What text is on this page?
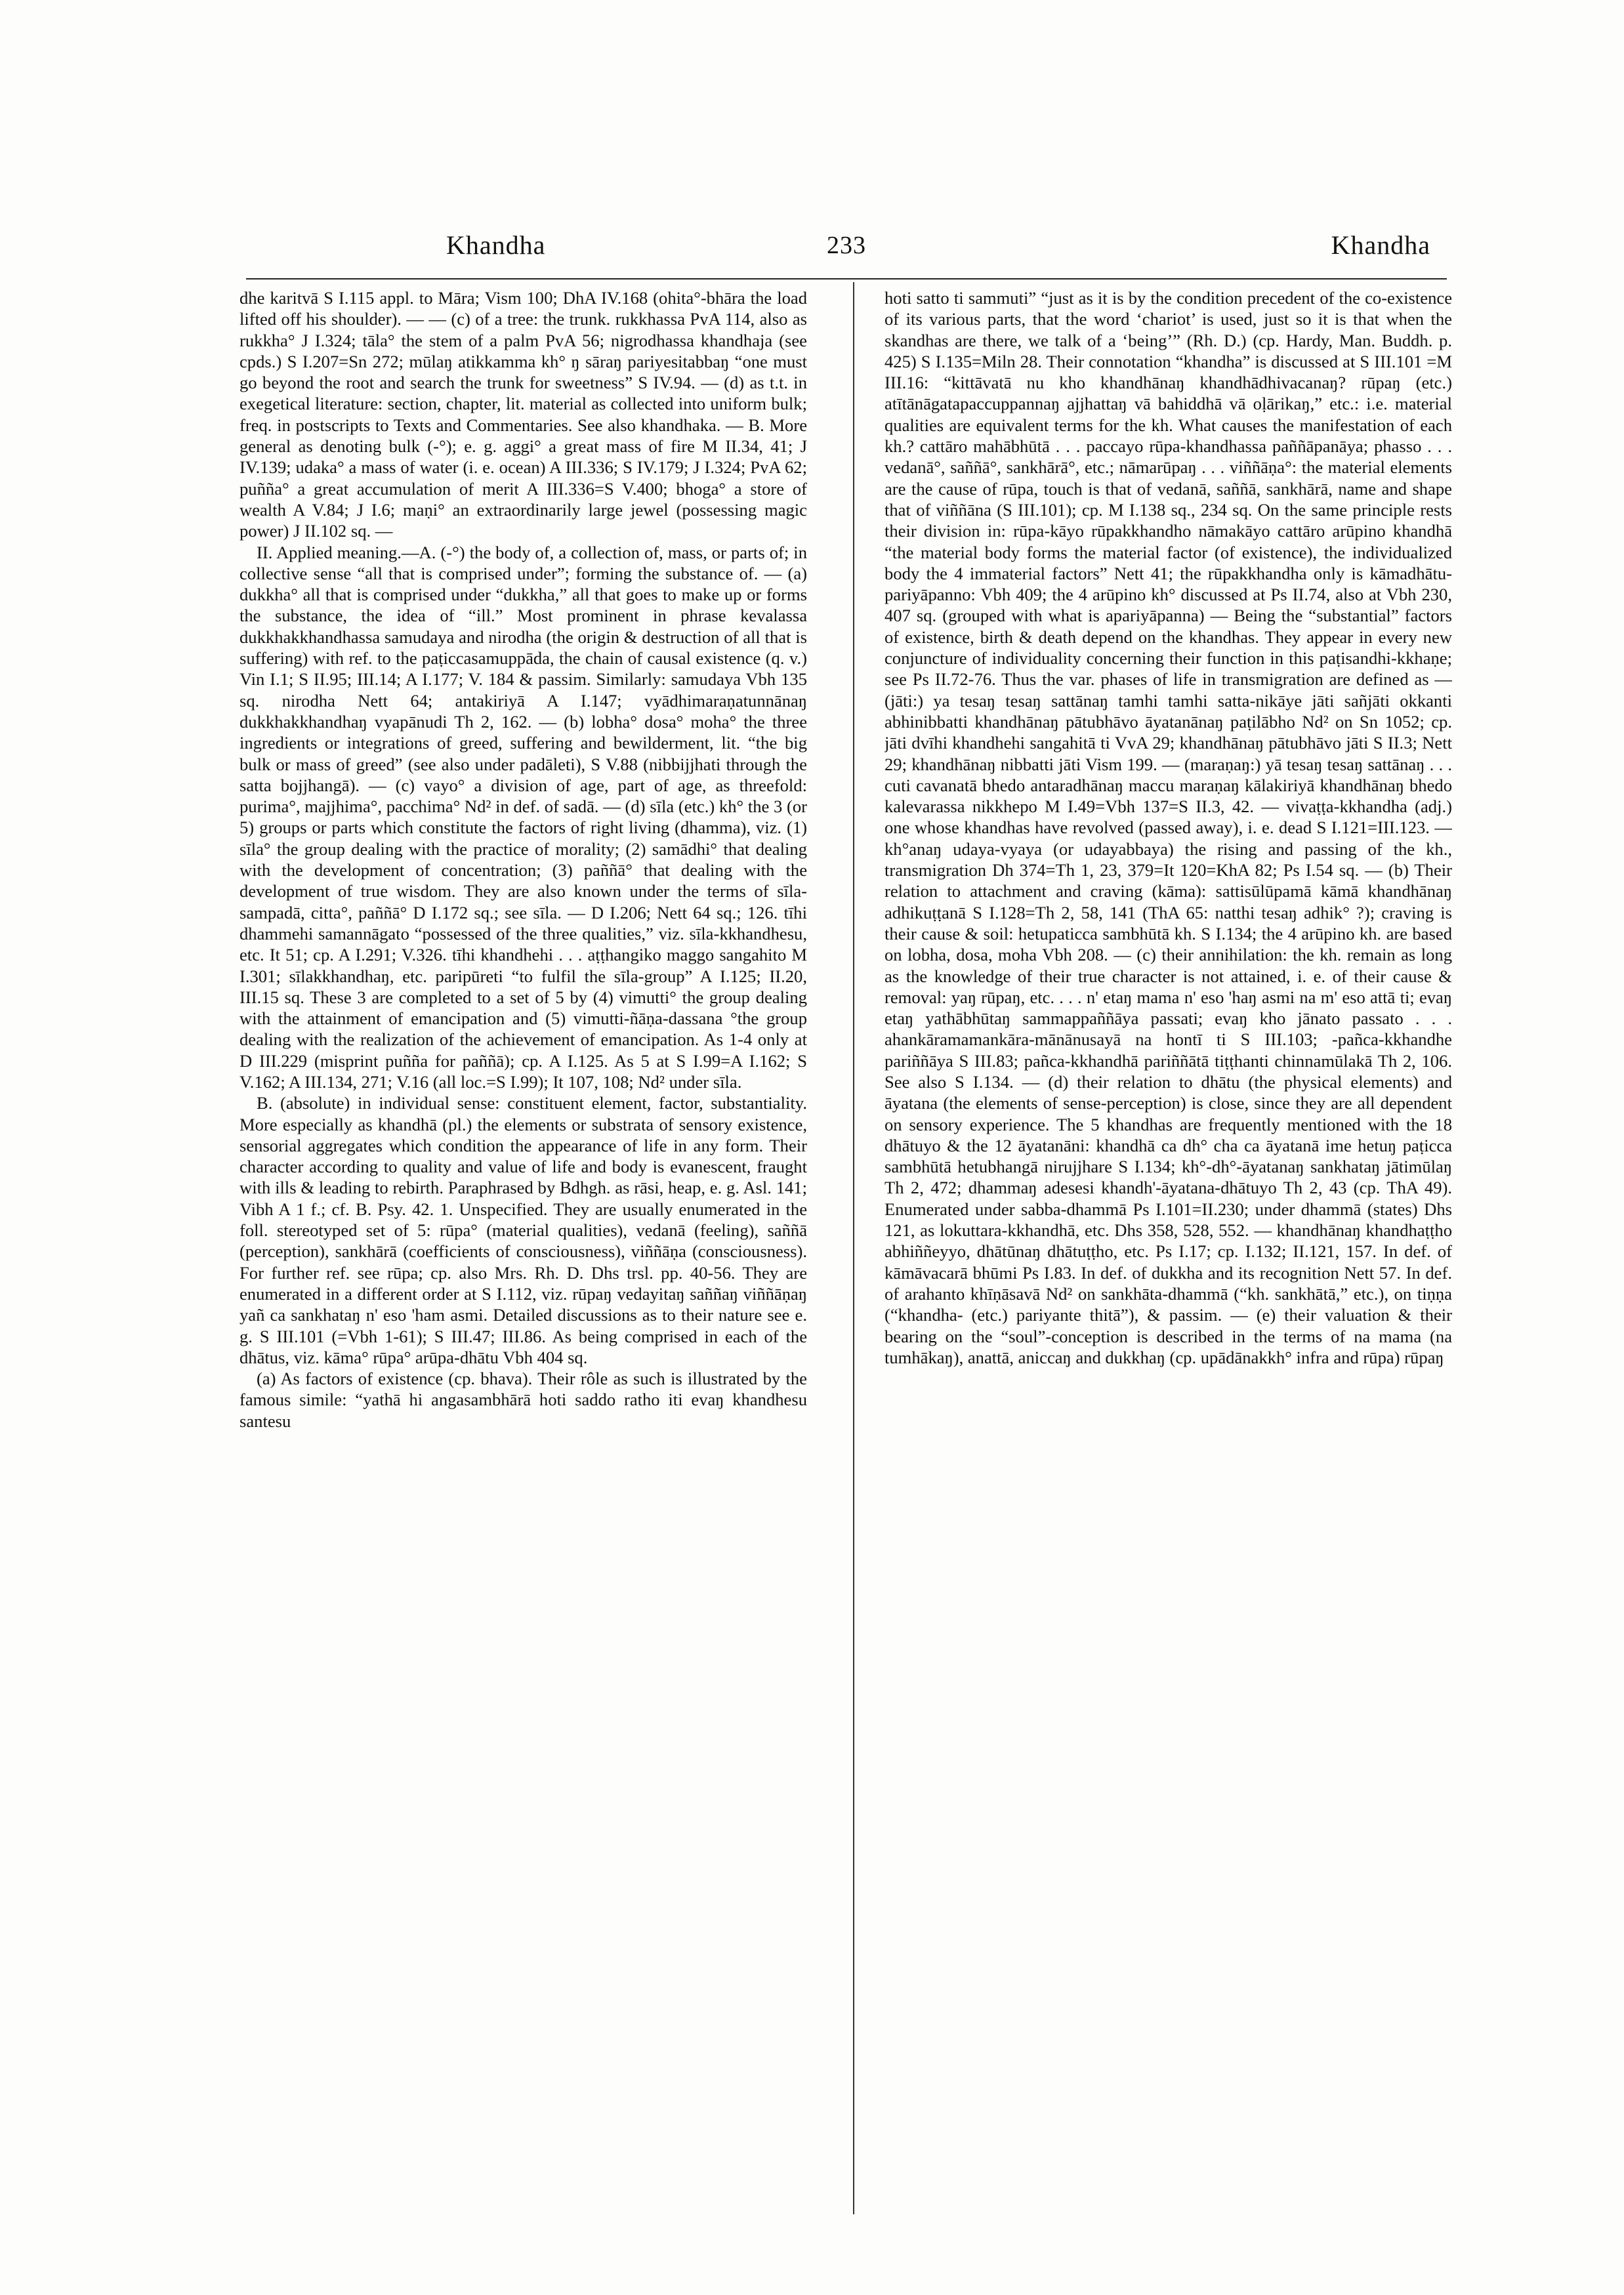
Khandha	233	Khandha

dhe karitvā S I.115 appl. to Māra; Vism 100; DhA IV.168 (ohita°-bhāra the load lifted off his shoulder). — — (c) of a tree: the trunk. rukkhassa PvA 114, also as rukkha° J I.324; tāla° the stem of a palm PvA 56; nigrodhassa khandhaja (see cpds.) S I.207=Sn 272; mūlaŋ atikkamma kh° ŋ sāraŋ pariyesitabbaŋ “one must go beyond the root and search the trunk for sweetness” S IV.94. — (d) as t.t. in exegetical literature: section, chapter, lit. material as collected into uniform bulk; freq. in postscripts to Texts and Commentaries. See also khandhaka. — B. More general as denoting bulk (-°); e. g. aggi° a great mass of fire M II.34, 41; J IV.139; udaka° a mass of water (i. e. ocean) A III.336; S IV.179; J I.324; PvA 62; puñña° a great accumulation of merit A III.336=S V.400; bhoga° a store of wealth A V.84; J I.6; maṇi° an extraordinarily large jewel (possessing magic power) J II.102 sq. —

II. Applied meaning.—A. (-°) the body of, a collection of, mass, or parts of; in collective sense “all that is comprised under”; forming the substance of. — (a) dukkha° all that is comprised under “dukkha,” all that goes to make up or forms the substance, the idea of “ill.” Most prominent in phrase kevalassa dukkhakkhandhassa samudaya and nirodha (the origin & destruction of all that is suffering) with ref. to the paṭiccasamuppāda, the chain of causal existence (q. v.) Vin I.1; S II.95; III.14; A I.177; V. 184 & passim. Similarly: samudaya Vbh 135 sq. nirodha Nett 64; antakiriyā A I.147; vyādhimaraṇatunnānaŋ dukkhakkhandhaŋ vyapānudi Th 2, 162. — (b) lobha° dosa° moha° the three ingredients or integrations of greed, suffering and bewilderment, lit. “the big bulk or mass of greed” (see also under padāleti), S V.88 (nibbijjhati through the satta bojjhangā). — (c) vayo° a division of age, part of age, as threefold: purima°, majjhima°, pacchima° Nd² in def. of sadā. — (d) sīla (etc.) kh° the 3 (or 5) groups or parts which constitute the factors of right living (dhamma), viz. (1) sīla° the group dealing with the practice of morality; (2) samādhi° that dealing with the development of concentration; (3) paññā° that dealing with the development of true wisdom. They are also known under the terms of sīla-sampadā, citta°, paññā° D I.172 sq.; see sīla. — D I.206; Nett 64 sq.; 126. tīhi dhammehi samannāgato “possessed of the three qualities,” viz. sīla-kkhandhesu, etc. It 51; cp. A I.291; V.326. tīhi khandhehi . . . aṭṭhangiko maggo sangahito M I.301; sīlakkhandhaŋ, etc. paripūreti “to fulfil the sīla-group” A I.125; II.20, III.15 sq. These 3 are completed to a set of 5 by (4) vimutti° the group dealing with the attainment of emancipation and (5) vimutti-ñāṇa-dassana °the group dealing with the realization of the achievement of emancipation. As 1-4 only at D III.229 (misprint puñña for paññā); cp. A I.125. As 5 at S I.99=A I.162; S V.162; A III.134, 271; V.16 (all loc.=S I.99); It 107, 108; Nd² under sīla.

B. (absolute) in individual sense: constituent element, factor, substantiality. More especially as khandhā (pl.) the elements or substrata of sensory existence, sensorial aggregates which condition the appearance of life in any form. Their character according to quality and value of life and body is evanescent, fraught with ills & leading to rebirth. Paraphrased by Bdhgh. as rāsi, heap, e. g. Asl. 141; Vibh A 1 f.; cf. B. Psy. 42. 1. Unspecified. They are usually enumerated in the foll. stereotyped set of 5: rūpa° (material qualities), vedanā (feeling), saññā (perception), sankhārā (coefficients of consciousness), viññāṇa (consciousness). For further ref. see rūpa; cp. also Mrs. Rh. D. Dhs trsl. pp. 40-56. They are enumerated in a different order at S I.112, viz. rūpaŋ vedayitaŋ saññaŋ viññāṇaŋ yañ ca sankhataŋ n' eso 'ham asmi. Detailed discussions as to their nature see e. g. S III.101 (=Vbh 1-61); S III.47; III.86. As being comprised in each of the dhātus, viz. kāma° rūpa° arūpa-dhātu Vbh 404 sq.

(a) As factors of existence (cp. bhava). Their rôle as such is illustrated by the famous simile: “yathā hi angasambhārā hoti saddo ratho iti evaŋ khandhesu santesu

hoti satto ti sammuti” “just as it is by the condition precedent of the co-existence of its various parts, that the word ‘chariot’ is used, just so it is that when the skandhas are there, we talk of a ‘being’” (Rh. D.) (cp. Hardy, Man. Buddh. p. 425) S I.135=Miln 28. Their connotation “khandha” is discussed at S III.101 =M III.16: “kittāvatā nu kho khandhānaŋ khandhādhivacanaŋ? rūpaŋ (etc.) atītānāgatapaccuppannaŋ ajjhattaŋ vā bahiddhā vā oḷārikaŋ,” etc.: i.e. material qualities are equivalent terms for the kh. What causes the manifestation of each kh.? cattāro mahābhūtā . . . paccayo rūpa-khandhassa paññāpanāya; phasso . . . vedanā°, saññā°, sankhārā°, etc.; nāmarūpaŋ . . . viññāṇa°: the material elements are the cause of rūpa, touch is that of vedanā, saññā, sankhārā, name and shape that of viññāna (S III.101); cp. M I.138 sq., 234 sq. On the same principle rests their division in: rūpa-kāyo rūpakkhandho nāmakāyo cattāro arūpino khandhā “the material body forms the material factor (of existence), the individualized body the 4 immaterial factors” Nett 41; the rūpakkhandha only is kāmadhātu-pariyāpanno: Vbh 409; the 4 arūpino kh° discussed at Ps II.74, also at Vbh 230, 407 sq. (grouped with what is apariyāpanna) — Being the “substantial” factors of existence, birth & death depend on the khandhas. They appear in every new conjuncture of individuality concerning their function in this paṭisandhi-kkhaṇe; see Ps II.72-76. Thus the var. phases of life in transmigration are defined as — (jāti:) ya tesaŋ tesaŋ sattānaŋ tamhi tamhi satta-nikāye jāti sañjāti okkanti abhinibbatti khandhānaŋ pātubhāvo āyatanānaŋ paṭilābho Nd² on Sn 1052; cp. jāti dvīhi khandhehi sangahitā ti VvA 29; khandhānaŋ pātubhāvo jāti S II.3; Nett 29; khandhānaŋ nibbatti jāti Vism 199. — (maraṇaŋ:) yā tesaŋ tesaŋ sattānaŋ . . . cuti cavanatā bhedo antaradhānaŋ maccu maraṇaŋ kālakiriyā khandhānaŋ bhedo kalevarassa nikkhepo M I.49=Vbh 137=S II.3, 42. — vivaṭṭa-kkhandha (adj.) one whose khandhas have revolved (passed away), i. e. dead S I.121=III.123. — kh°anaŋ udaya-vyaya (or udayabbaya) the rising and passing of the kh., transmigration Dh 374=Th 1, 23, 379=It 120=KhA 82; Ps I.54 sq. — (b) Their relation to attachment and craving (kāma): sattisūlūpamā kāmā khandhānaŋ adhikuṭṭanā S I.128=Th 2, 58, 141 (ThA 65: natthi tesaŋ adhik° ?); craving is their cause & soil: hetupaticca sambhūtā kh. S I.134; the 4 arūpino kh. are based on lobha, dosa, moha Vbh 208. — (c) their annihilation: the kh. remain as long as the knowledge of their true character is not attained, i. e. of their cause & removal: yaŋ rūpaŋ, etc. . . . n' etaŋ mama n' eso 'haŋ asmi na m' eso attā ti; evaŋ etaŋ yathābhūtaŋ sammappaññāya passati; evaŋ kho jānato passato . . . ahankāramamankāra-mānānusayā na hontī ti S III.103; -pañca-kkhandhe pariññāya S III.83; pañca-kkhandhā pariññātā tiṭṭhanti chinnamūlakā Th 2, 106. See also S I.134. — (d) their relation to dhātu (the physical elements) and āyatana (the elements of sense-perception) is close, since they are all dependent on sensory experience. The 5 khandhas are frequently mentioned with the 18 dhātuyo & the 12 āyatanāni: khandhā ca dh° cha ca āyatanā ime hetuŋ paṭicca sambhūtā hetubhangā nirujjhare S I.134; kh°-dh°-āyatanaŋ sankhataŋ jātimūlaŋ Th 2, 472; dhammaŋ adesesi khandh'-āyatana-dhātuyo Th 2, 43 (cp. ThA 49). Enumerated under sabba-dhammā Ps I.101=II.230; under dhammā (states) Dhs 121, as lokuttara-kkhandhā, etc. Dhs 358, 528, 552. — khandhānaŋ khandhaṭṭho abhiññeyyo, dhātūnaŋ dhātuṭṭho, etc. Ps I.17; cp. I.132; II.121, 157. In def. of kāmāvacarā bhūmi Ps I.83. In def. of dukkha and its recognition Nett 57. In def. of arahanto khīṇāsavā Nd² on sankhāta-dhammā (“kh. sankhātā,” etc.), on tiṇṇa (“khandha- (etc.) pariyante thitā”), & passim. — (e) their valuation & their bearing on the “soul”-conception is described in the terms of na mama (na tumhākaŋ), anattā, aniccaŋ and dukkhaŋ (cp. upādānakkh° infra and rūpa) rūpaŋ
